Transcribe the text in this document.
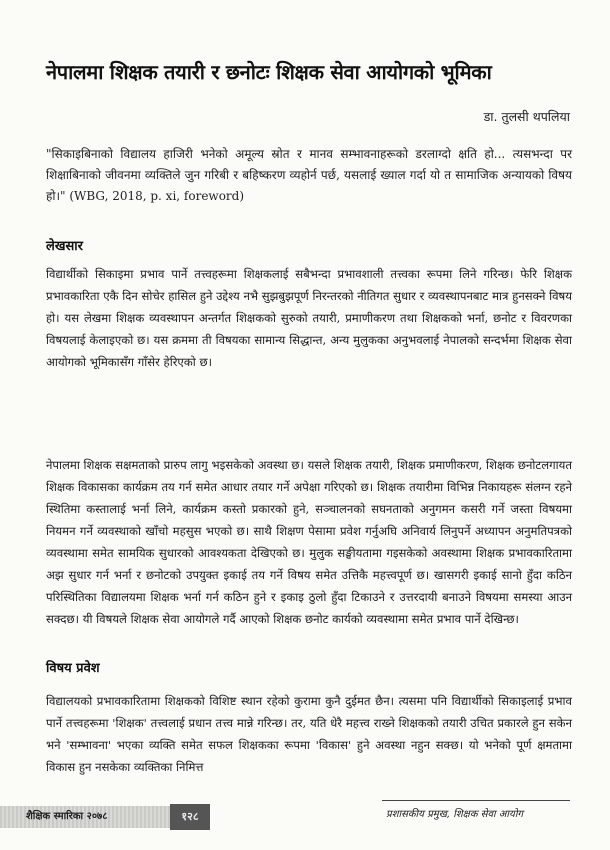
नेपालमा शिक्षक तयारी र छनोटः शिक्षक सेवा आयोगको भूमिका
डा. तुलसी थपलिया
"सिकाइबिनाको विद्यालय हाजिरी भनेको अमूल्य स्रोत र मानव सम्भावनाहरूको डरलाग्दो क्षति हो... त्यसभन्दा पर शिक्षाबिनाको जीवनमा व्यक्तिले जुन गरिबी र बहिष्करण व्यहोर्न पर्छ, यसलाई ख्याल गर्दा यो त सामाजिक अन्यायको विषय हो।" (WBG, 2018, p. xi, foreword)
लेखसार
विद्यार्थीको सिकाइमा प्रभाव पार्ने तत्त्वहरूमा शिक्षकलाई सबैभन्दा प्रभावशाली तत्त्वका रूपमा लिने गरिन्छ। फेरि शिक्षक प्रभावकारिता एकै दिन सोचेर हासिल हुने उद्देश्य नभै सुझबुझपूर्ण निरन्तरको नीतिगत सुधार र व्यवस्थापनबाट मात्र हुनसक्ने विषय हो। यस लेखमा शिक्षक व्यवस्थापन अन्तर्गत शिक्षकको सुरुको तयारी, प्रमाणीकरण तथा शिक्षकको भर्ना, छनोट र विवरणका विषयलाई केलाइएको छ। यस क्रममा ती विषयका सामान्य सिद्धान्त, अन्य मुलुकका अनुभवलाई नेपालको सन्दर्भमा शिक्षक सेवा आयोगको भूमिकासँग गाँसेर हेरिएको छ।
नेपालमा शिक्षक सक्षमताको प्रारुप लागु भइसकेको अवस्था छ। यसले शिक्षक तयारी, शिक्षक प्रमाणीकरण, शिक्षक छनोटलगायत शिक्षक विकासका कार्यक्रम तय गर्न समेत आधार तयार गर्ने अपेक्षा गरिएको छ। शिक्षक तयारीमा विभिन्न निकायहरू संलग्न रहने स्थितिमा कस्तालाई भर्ना लिने, कार्यक्रम कस्तो प्रकारको हुने, सञ्चालनको सघनताको अनुगमन कसरी गर्ने जस्ता विषयमा नियमन गर्ने व्यवस्थाको खाँचो महसुस भएको छ। साथै शिक्षण पेसामा प्रवेश गर्नुअघि अनिवार्य लिनुपर्ने अध्यापन अनुमतिपत्रको व्यवस्थामा समेत सामयिक सुधारको आवश्यकता देखिएको छ। मुलुक सङ्घीयतामा गइसकेको अवस्थामा शिक्षक प्रभावकारितामा अझ सुधार गर्न भर्ना र छनोटको उपयुक्त इकाई तय गर्ने विषय समेत उत्तिकै महत्त्वपूर्ण छ। खासगरी इकाई सानो हुँदा कठिन परिस्थितिका विद्यालयमा शिक्षक भर्ना गर्न कठिन हुने र इकाइ ठुलो हुँदा टिकाउने र उत्तरदायी बनाउने विषयमा समस्या आउन सक्दछ। यी विषयले शिक्षक सेवा आयोगले गर्दै आएको शिक्षक छनोट कार्यको व्यवस्थामा समेत प्रभाव पार्ने देखिन्छ।
विषय प्रवेश
विद्यालयको प्रभावकारितामा शिक्षकको विशिष्ट स्थान रहेको कुरामा कुनै दुईमत छैन। त्यसमा पनि विद्यार्थीको सिकाइलाई प्रभाव पार्ने तत्त्वहरूमा 'शिक्षक' तत्त्वलाई प्रधान तत्त्व मान्ने गरिन्छ। तर, यति धेरै महत्त्व राख्ने शिक्षकको तयारी उचित प्रकारले हुन सकेन भने 'सम्भावना' भएका व्यक्ति समेत सफल शिक्षकका रूपमा 'विकास' हुने अवस्था नहुन सक्छ। यो भनेको पूर्ण क्षमतामा विकास हुन नसकेका व्यक्तिका निमित्त
शैक्षिक स्मारिका २०७८	१२८	प्रशासकीय प्रमुख, शिक्षक सेवा आयोग
